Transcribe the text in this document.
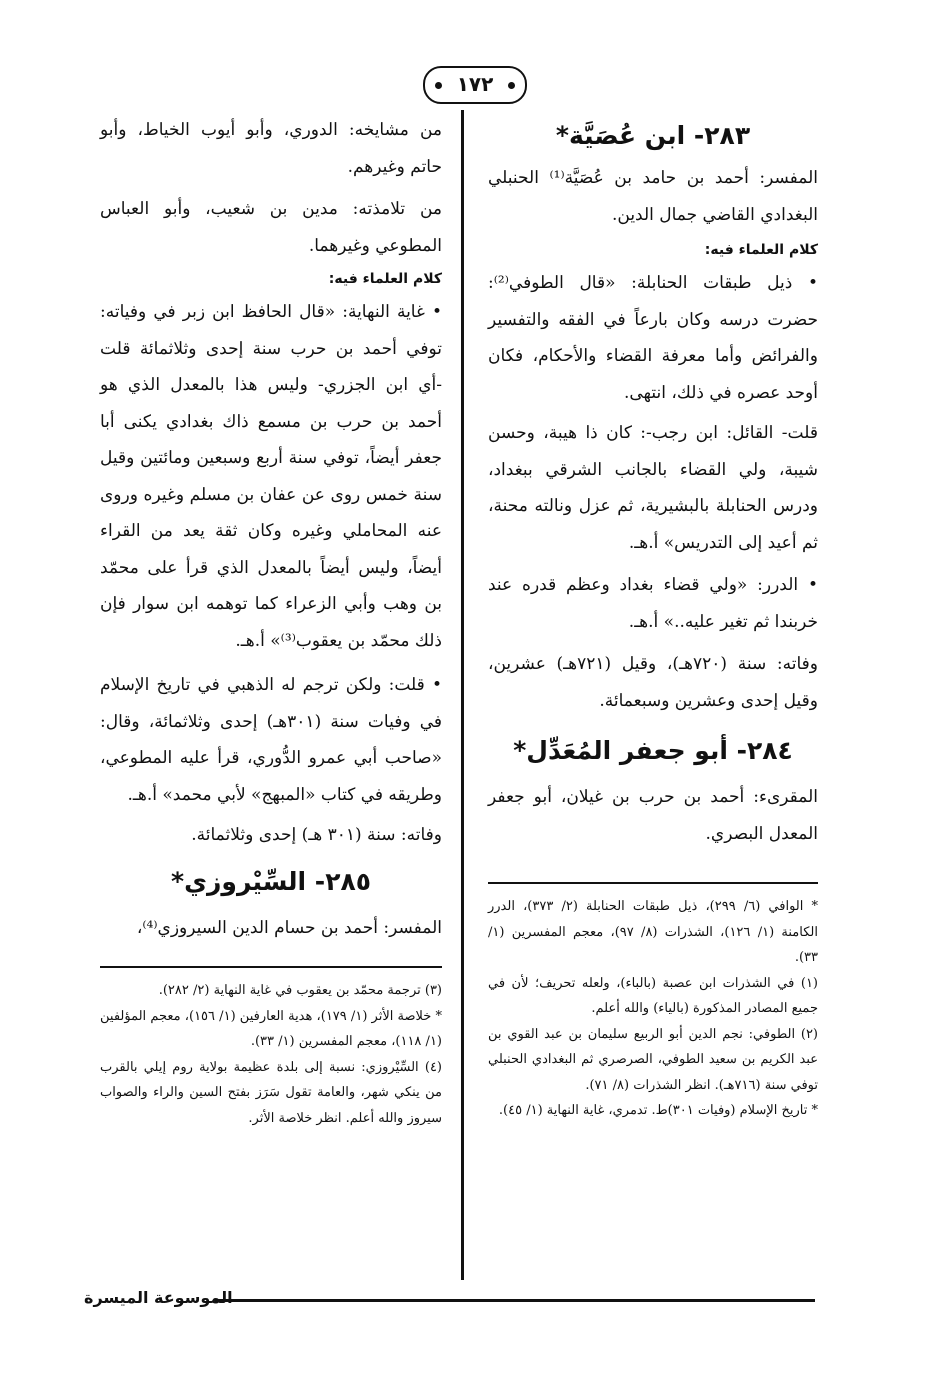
١٧٢

٢٨٣- ابن عُصَيَّة*

المفسر: أحمد بن حامد بن عُصَيَّة⁽¹⁾ الحنبلي البغدادي القاضي جمال الدين.

كلام العلماء فيه:

• ذيل طبقات الحنابلة: «قال الطوفي⁽²⁾: حضرت درسه وكان بارعاً في الفقه والتفسير والفرائض وأما معرفة القضاء والأحكام، فكان أوحد عصره في ذلك، انتهى.

قلت- القائل: ابن رجب-: كان ذا هيبة، وحسن شيبة، ولي القضاء بالجانب الشرقي ببغداد، ودرس الحنابلة بالبشيرية، ثم عزل ونالته محنة، ثم أعيد إلى التدريس» أ.هـ.

• الدرر: «ولي قضاء بغداد وعظم قدره عند خربندا ثم تغير عليه..» أ.هـ.

وفاته: سنة (٧٢٠هـ)، وقيل (٧٢١هـ) عشرين، وقيل إحدى وعشرين وسبعمائة.

٢٨٤- أبو جعفر المُعَدِّل*

المقرىء: أحمد بن حرب بن غيلان، أبو جعفر المعدل البصري.

* الوافي (٦/ ٢٩٩)، ذيل طبقات الحنابلة (٢/ ٣٧٣)، الدرر الكامنة (١/ ١٢٦)، الشذرات (٨/ ٩٧)، معجم المفسرين (١/ ٣٣).

(١) في الشذرات ابن عصبة (بالباء)، ولعله تحريف؛ لأن في جميع المصادر المذكورة (بالياء) والله أعلم.

(٢) الطوفي: نجم الدين أبو الربيع سليمان بن عبد القوي بن عبد الكريم بن سعيد الطوفي، الصرصري ثم البغدادي الحنبلي توفي سنة (٧١٦هـ). انظر الشذرات (٨/ ٧١).

* تاريخ الإسلام (وفيات ٣٠١)ط. تدمري، غاية النهاية (١/ ٤٥).

من مشايخه: الدوري، وأبو أيوب الخياط، وأبو حاتم وغيرهم.

من تلامذته: مدين بن شعيب، وأبو العباس المطوعي وغيرهما.

كلام العلماء فيه:

• غاية النهاية: «قال الحافظ ابن زبر في وفياته: توفي أحمد بن حرب سنة إحدى وثلاثمائة قلت -أي ابن الجزري- وليس هذا بالمعدل الذي هو أحمد بن حرب بن مسمع ذاك بغدادي يكنى أبا جعفر أيضاً، توفي سنة أربع وسبعين ومائتين وقيل سنة خمس روى عن عفان بن مسلم وغيره وروى عنه المحاملي وغيره وكان ثقة يعد من القراء أيضاً، وليس أيضاً بالمعدل الذي قرأ على محمّد بن وهب وأبي الزعراء كما توهمه ابن سوار فإن ذلك محمّد بن يعقوب⁽³⁾» أ.هـ.

• قلت: ولكن ترجم له الذهبي في تاريخ الإسلام في وفيات سنة (٣٠١هـ) إحدى وثلاثمائة، وقال: «صاحب أبي عمرو الدُّوري، قرأ عليه المطوعي، وطريقه في كتاب «المبهج» لأبي محمد» أ.هـ.

وفاته: سنة (٣٠١ هـ) إحدى وثلاثمائة.

٢٨٥- السِّيْروزي*

المفسر: أحمد بن حسام الدين السيروزي⁽⁴⁾،

(٣) ترجمة محمّد بن يعقوب في غاية النهاية (٢/ ٢٨٢).

* خلاصة الأثر (١/ ١٧٩)، هدية العارفين (١/ ١٥٦)، معجم المؤلفين (١/ ١١٨)، معجم المفسرين (١/ ٣٣).

(٤) السِّيْروزي: نسبة إلى بلدة عظيمة بولاية روم إيلي بالقرب من ينكي شهر، والعامة تقول سَرَز بفتح السين والراء والصواب سيروز والله أعلم. انظر خلاصة الأثر.

الموسوعة الميسرة
